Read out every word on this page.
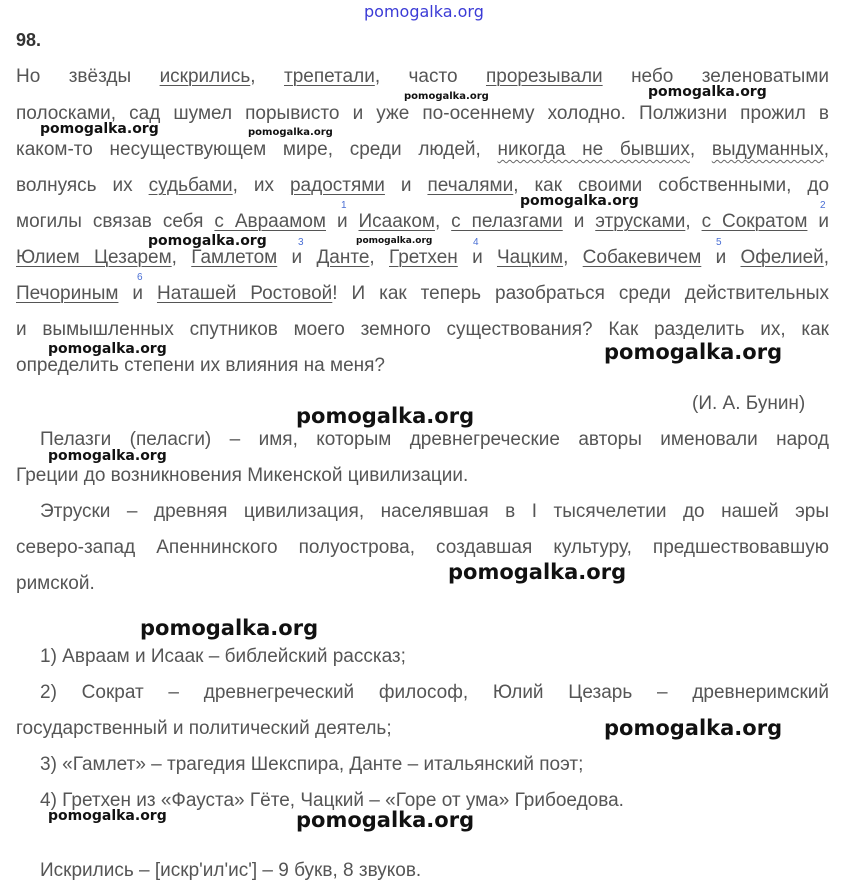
pomogalka.org
98.
Но звёзды искрились, трепетали, часто прорезывали небо зеленоватыми
полосками, сад шумел порывисто и уже по-осеннему холодно. Полжизни прожил в
каком-то несуществующем мире, среди людей, никогда не бывших, выдуманных,
волнуясь их судьбами, их радостями и печалями, как своими собственными, до
могилы связав себя с Авраамом и Исааком, с пелазгами и этрусками, с Сократом и
Юлием Цезарем, Гамлетом и Данте, Гретхен и Чацким, Собакевичем и Офелией,
Печориным и Наташей Ростовой! И как теперь разобраться среди действительных
и вымышленных спутников моего земного существования? Как разделить их, как
определить степени их влияния на меня?
(И. А. Бунин)
1	2
3	4	5
6
Пелазги (пеласги) – имя, которым древнегреческие авторы именовали народ
Греции до возникновения Микенской цивилизации.
Этруски – древняя цивилизация, населявшая в I тысячелетии до нашей эры
северо-запад Апеннинского полуострова, создавшая культуру, предшествовавшую
римской.
1) Авраам и Исаак – библейский рассказ;
2) Сократ – древнегреческий философ, Юлий Цезарь – древнеримский
государственный и политический деятель;
3) «Гамлет» – трагедия Шекспира, Данте – итальянский поэт;
4) Гретхен из «Фауста» Гёте, Чацкий – «Горе от ума» Грибоедова.
Искрились – [искр'ил'ис'] – 9 букв, 8 звуков.
pomogalka.org	pomogalka.org
pomogalka.org	pomogalka.org
pomogalka.org
pomogalka.org	pomogalka.org
pomogalka.org	pomogalka.org
pomogalka.org
pomogalka.org
pomogalka.org
pomogalka.org
pomogalka.org
pomogalka.org	pomogalka.org
